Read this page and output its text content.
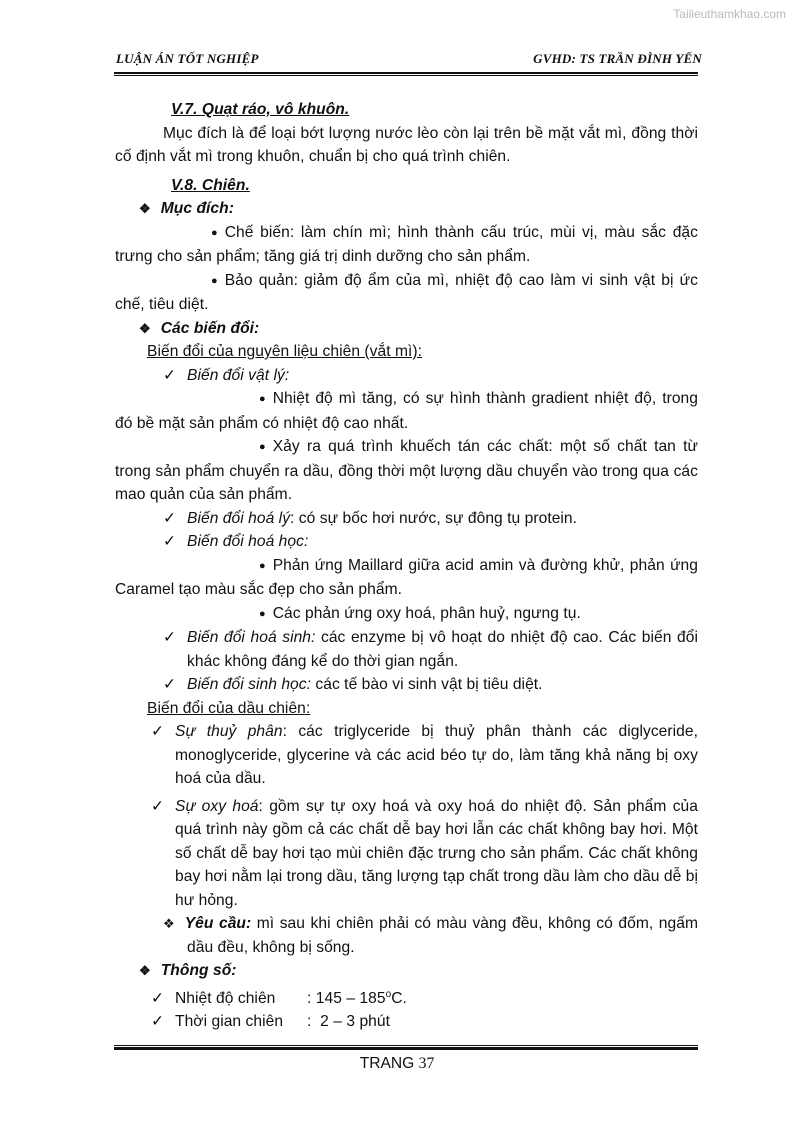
Tailieuthamkhao.com
LUẬN ÁN TỐT NGHIỆP	GVHD: TS TRẦN ĐÌNH YẾN

V.7. Quạt ráo, vô khuôn.

Mục đích là để loại bớt lượng nước lèo còn lại trên bề mặt vắt mì, đồng thời cố định vắt mì trong khuôn, chuẩn bị cho quá trình chiên.

V.8. Chiên.

❖ Mục đích:

● Chế biến: làm chín mì; hình thành cấu trúc, mùi vị, màu sắc đặc trưng cho sản phẩm; tăng giá trị dinh dưỡng cho sản phẩm.

● Bảo quản: giảm độ ẩm của mì, nhiệt độ cao làm vi sinh vật bị ức chế, tiêu diệt.

❖ Các biến đổi:

Biến đổi của nguyên liệu chiên (vắt mì):

✓ Biến đổi vật lý:

● Nhiệt độ mì tăng, có sự hình thành gradient nhiệt độ, trong đó bề mặt sản phẩm có nhiệt độ cao nhất.

● Xảy ra quá trình khuếch tán các chất: một số chất tan từ trong sản phẩm chuyển ra dầu, đồng thời một lượng dầu chuyển vào trong qua các mao quản của sản phẩm.

✓ Biến đổi hoá lý: có sự bốc hơi nước, sự đông tụ protein.

✓ Biến đổi hoá học:

● Phản ứng Maillard giữa acid amin và đường khử, phản ứng Caramel tạo màu sắc đẹp cho sản phẩm.

● Các phản ứng oxy hoá, phân huỷ, ngưng tụ.

✓ Biến đổi hoá sinh: các enzyme bị vô hoạt do nhiệt độ cao. Các biến đổi khác không đáng kể do thời gian ngắn.

✓ Biến đổi sinh học: các tế bào vi sinh vật bị tiêu diệt.

Biến đổi của dầu chiên:

✓ Sự thuỷ phân: các triglyceride bị thuỷ phân thành các diglyceride, monoglyceride, glycerine và các acid béo tự do, làm tăng khả năng bị oxy hoá của dầu.

✓ Sự oxy hoá: gồm sự tự oxy hoá và oxy hoá do nhiệt độ. Sản phẩm của quá trình này gồm cả các chất dễ bay hơi lẫn các chất không bay hơi. Một số chất dễ bay hơi tạo mùi chiên đặc trưng cho sản phẩm. Các chất không bay hơi nằm lại trong dầu, tăng lượng tạp chất trong dầu làm cho dầu dễ bị hư hỏng.

❖ Yêu cầu: mì sau khi chiên phải có màu vàng đều, không có đốm, ngấm dầu đều, không bị sống.

❖ Thông số:

✓ Nhiệt độ chiên : 145 – 185$^o$C.

✓ Thời gian chiên :  2 – 3 phút

TRANG 37
